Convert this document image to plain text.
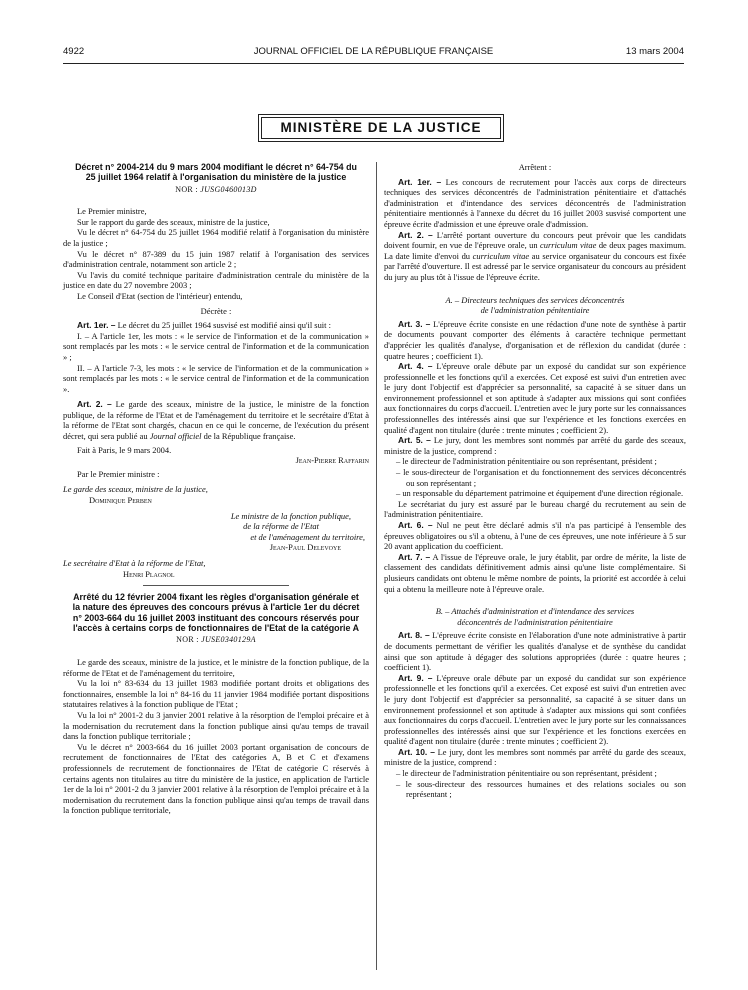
4922	JOURNAL OFFICIEL DE LA RÉPUBLIQUE FRANÇAISE	13 mars 2004
MINISTÈRE DE LA JUSTICE

Décret n° 2004-214 du 9 mars 2004 modifiant le décret n° 64-754 du 25 juillet 1964 relatif à l'organisation du ministère de la justice

NOR : JUSG0460013D

Le Premier ministre,

Sur le rapport du garde des sceaux, ministre de la justice,

Vu le décret n° 64-754 du 25 juillet 1964 modifié relatif à l'organisation du ministère de la justice ;

Vu le décret n° 87-389 du 15 juin 1987 relatif à l'organisation des services d'administration centrale, notamment son article 2 ;

Vu l'avis du comité technique paritaire d'administration centrale du ministère de la justice en date du 27 novembre 2003 ;

Le Conseil d'Etat (section de l'intérieur) entendu,

Décrète :

Art. 1er. – Le décret du 25 juillet 1964 susvisé est modifié ainsi qu'il suit :

I. – A l'article 1er, les mots : « le service de l'information et de la communication » sont remplacés par les mots : « le service central de l'information et de la communication » ;

II. – A l'article 7-3, les mots : « le service de l'information et de la communication » sont remplacés par les mots : « le service central de l'information et de la communication ».

Art. 2. – Le garde des sceaux, ministre de la justice, le ministre de la fonction publique, de la réforme de l'Etat et de l'aménagement du territoire et le secrétaire d'Etat à la réforme de l'Etat sont chargés, chacun en ce qui le concerne, de l'exécution du présent décret, qui sera publié au Journal officiel de la République française.

Fait à Paris, le 9 mars 2004.

Jean-Pierre Raffarin

Par le Premier ministre :

Le garde des sceaux, ministre de la justice,

Dominique Perben

Le ministre de la fonction publique,

de la réforme de l'Etat

et de l'aménagement du territoire,

Jean-Paul Delevoye

Le secrétaire d'Etat à la réforme de l'Etat,

Henri Plagnol

Arrêté du 12 février 2004 fixant les règles d'organisation générale et la nature des épreuves des concours prévus à l'article 1er du décret n° 2003-664 du 16 juillet 2003 instituant des concours réservés pour l'accès à certains corps de fonctionnaires de l'Etat de la catégorie A

NOR : JUSE0340129A

Le garde des sceaux, ministre de la justice, et le ministre de la fonction publique, de la réforme de l'Etat et de l'aménagement du territoire,

Vu la loi n° 83-634 du 13 juillet 1983 modifiée portant droits et obligations des fonctionnaires, ensemble la loi n° 84-16 du 11 janvier 1984 modifiée portant dispositions statutaires relatives à la fonction publique de l'Etat ;

Vu la loi n° 2001-2 du 3 janvier 2001 relative à la résorption de l'emploi précaire et à la modernisation du recrutement dans la fonction publique ainsi qu'au temps de travail dans la fonction publique territoriale ;

Vu le décret n° 2003-664 du 16 juillet 2003 portant organisation de concours de recrutement de fonctionnaires de l'Etat des catégories A, B et C et d'examens professionnels de recrutement de fonctionnaires de l'Etat de catégorie C réservés à certains agents non titulaires au titre du ministère de la justice, en application de l'article 1er de la loi n° 2001-2 du 3 janvier 2001 relative à la résorption de l'emploi précaire et à la modernisation du recrutement dans la fonction publique ainsi qu'au temps de travail dans la fonction publique territoriale,

Arrêtent :

Art. 1er. – Les concours de recrutement pour l'accès aux corps de directeurs techniques des services déconcentrés de l'administration pénitentiaire et d'attachés d'administration et d'intendance des services déconcentrés de l'administration pénitentiaire mentionnés à l'annexe du décret du 16 juillet 2003 susvisé comportent une épreuve écrite d'admission et une épreuve orale d'admission.

Art. 2. – L'arrêté portant ouverture du concours peut prévoir que les candidats doivent fournir, en vue de l'épreuve orale, un curriculum vitae de deux pages maximum. La date limite d'envoi du curriculum vitae au service organisateur du concours est fixée par l'arrêté d'ouverture. Il est adressé par le service organisateur du concours au président du jury au plus tôt à l'issue de l'épreuve écrite.

A. – Directeurs techniques des services déconcentrés

de l'administration pénitentiaire

Art. 3. – L'épreuve écrite consiste en une rédaction d'une note de synthèse à partir de documents pouvant comporter des éléments à caractère technique permettant d'apprécier les qualités d'analyse, d'organisation et de réflexion du candidat (durée : quatre heures ; coefficient 1).

Art. 4. – L'épreuve orale débute par un exposé du candidat sur son expérience professionnelle et les fonctions qu'il a exercées. Cet exposé est suivi d'un entretien avec le jury dont l'objectif est d'apprécier sa personnalité, sa capacité à se situer dans un environnement professionnel et son aptitude à s'adapter aux missions qui sont confiées aux fonctionnaires du corps d'accueil. L'entretien avec le jury porte sur les connaissances professionnelles des intéressés ainsi que sur l'expérience et les fonctions exercées en qualité d'agent non titulaire (durée : trente minutes ; coefficient 2).

Art. 5. – Le jury, dont les membres sont nommés par arrêté du garde des sceaux, ministre de la justice, comprend :

– le directeur de l'administration pénitentiaire ou son représentant, président ;
– le sous-directeur de l'organisation et du fonctionnement des services déconcentrés ou son représentant ;
– un responsable du département patrimoine et équipement d'une direction régionale.

Le secrétariat du jury est assuré par le bureau chargé du recrutement au sein de l'administration pénitentiaire.

Art. 6. – Nul ne peut être déclaré admis s'il n'a pas participé à l'ensemble des épreuves obligatoires ou s'il a obtenu, à l'une de ces épreuves, une note inférieure à 5 sur 20 avant application du coefficient.

Art. 7. – A l'issue de l'épreuve orale, le jury établit, par ordre de mérite, la liste de classement des candidats définitivement admis ainsi qu'une liste complémentaire. Si plusieurs candidats ont obtenu le même nombre de points, la priorité est accordée à celui qui a obtenu la meilleure note à l'épreuve orale.

B. – Attachés d'administration et d'intendance des services

déconcentrés de l'administration pénitentiaire

Art. 8. – L'épreuve écrite consiste en l'élaboration d'une note administrative à partir de documents permettant de vérifier les qualités d'analyse et de synthèse du candidat ainsi que son aptitude à dégager des solutions appropriées (durée : quatre heures ; coefficient 1).

Art. 9. – L'épreuve orale débute par un exposé du candidat sur son expérience professionnelle et les fonctions qu'il a exercées. Cet exposé est suivi d'un entretien avec le jury dont l'objectif est d'apprécier sa personnalité, sa capacité à se situer dans un environnement professionnel et son aptitude à s'adapter aux missions qui sont confiées aux fonctionnaires du corps d'accueil. L'entretien avec le jury porte sur les connaissances professionnelles des intéressés ainsi que sur l'expérience et les fonctions exercées en qualité d'agent non titulaire (durée : trente minutes ; coefficient 2).

Art. 10. – Le jury, dont les membres sont nommés par arrêté du garde des sceaux, ministre de la justice, comprend :

– le directeur de l'administration pénitentiaire ou son représentant, président ;
– le sous-directeur des ressources humaines et des relations sociales ou son représentant ;
